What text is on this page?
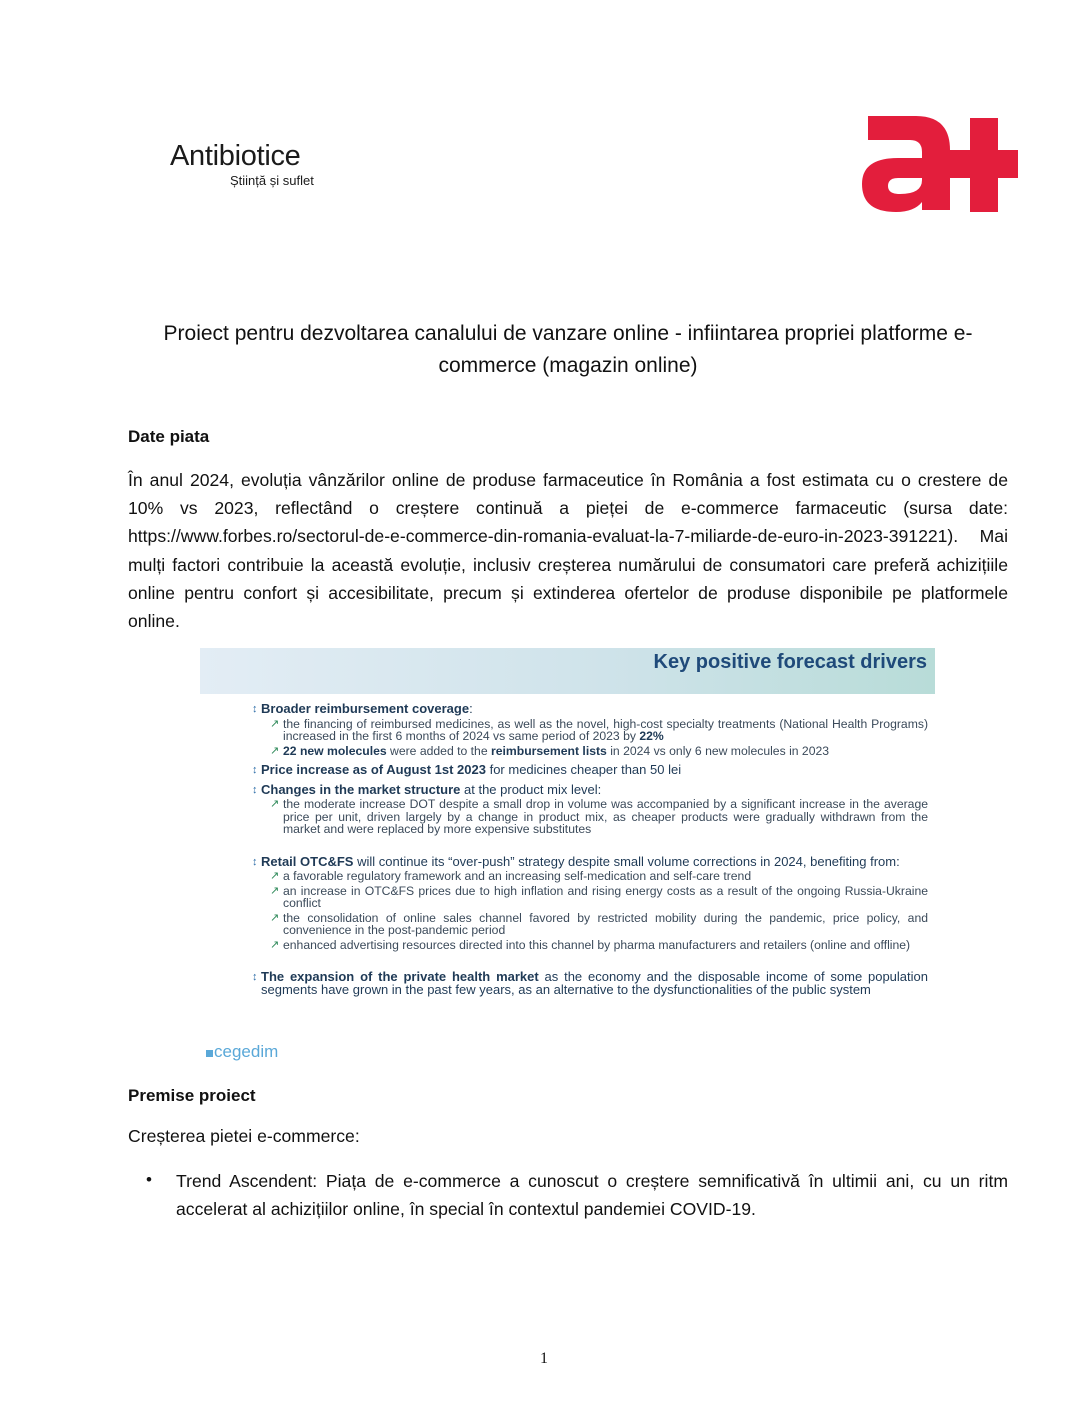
Antibiotice
Știință și suflet
Proiect pentru dezvoltarea canalului de vanzare online - infiintarea propriei platforme e-commerce (magazin online)
Date piata
În anul 2024, evoluția vânzărilor online de produse farmaceutice în România a fost estimata cu o crestere de 10% vs 2023, reflectând o creștere continuă a pieței de e-commerce farmaceutic (sursa date: https://www.forbes.ro/sectorul-de-e-commerce-din-romania-evaluat-la-7-miliarde-de-euro-in-2023-391221). Mai mulți factori contribuie la această evoluție, inclusiv creșterea numărului de consumatori care preferă achizițiile online pentru confort și accesibilitate, precum și extinderea ofertelor de produse disponibile pe platformele online.
Key positive forecast drivers
↕ Broader reimbursement coverage:
↗ the financing of reimbursed medicines, as well as the novel, high-cost specialty treatments (National Health Programs) increased in the first 6 months of 2024 vs same period of 2023 by 22%
↗ 22 new molecules were added to the reimbursement lists in 2024 vs only 6 new molecules in 2023
↕ Price increase as of August 1st 2023 for medicines cheaper than 50 lei
↕ Changes in the market structure at the product mix level:
↗ the moderate increase DOT despite a small drop in volume was accompanied by a significant increase in the average price per unit, driven largely by a change in product mix, as cheaper products were gradually withdrawn from the market and were replaced by more expensive substitutes
↕ Retail OTC&FS will continue its “over-push” strategy despite small volume corrections in 2024, benefiting from:
↗ a favorable regulatory framework and an increasing self-medication and self-care trend
↗ an increase in OTC&FS prices due to high inflation and rising energy costs as a result of the ongoing Russia-Ukraine conflict
↗ the consolidation of online sales channel favored by restricted mobility during the pandemic, price policy, and convenience in the post-pandemic period
↗ enhanced advertising resources directed into this channel by pharma manufacturers and retailers (online and offline)
↕ The expansion of the private health market as the economy and the disposable income of some population segments have grown in the past few years, as an alternative to the dysfunctionalities of the public system
cegedim
Premise proiect
Creșterea pietei e-commerce:
• Trend Ascendent: Piața de e-commerce a cunoscut o creștere semnificativă în ultimii ani, cu un ritm accelerat al achizițiilor online, în special în contextul pandemiei COVID-19.
1
